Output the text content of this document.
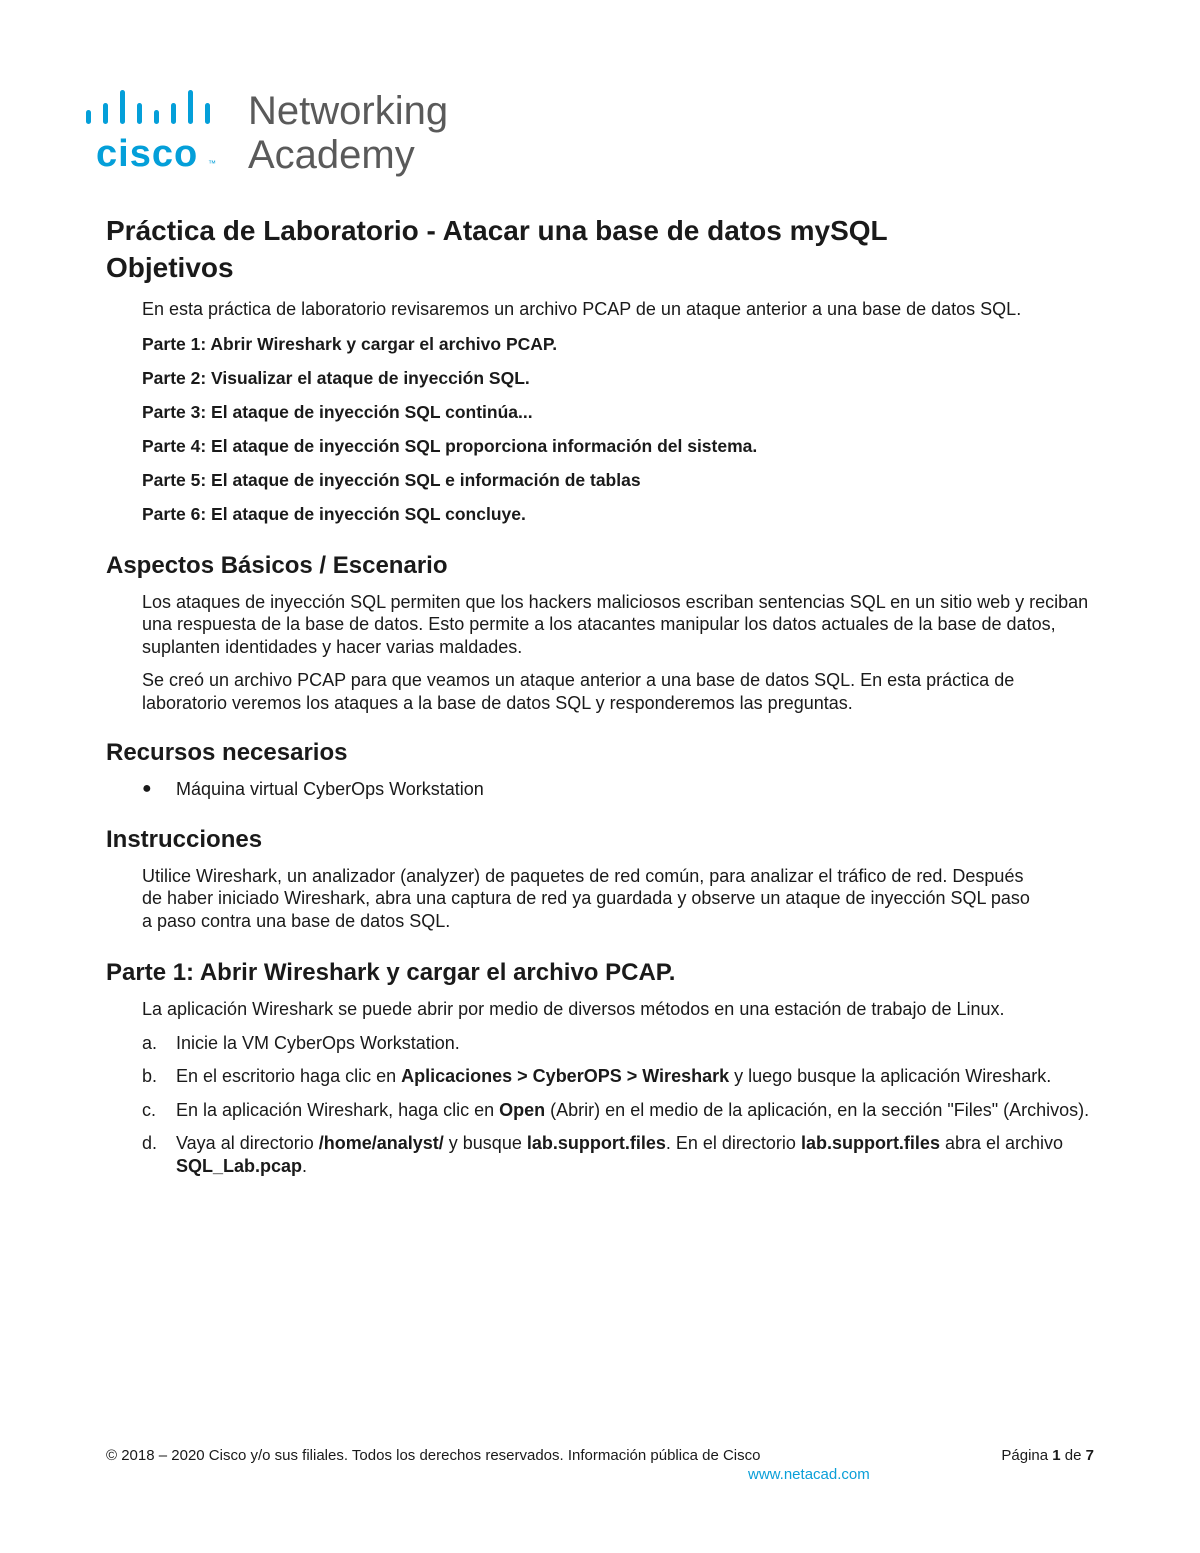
cisco ™
Networking
Academy
Práctica de Laboratorio - Atacar una base de datos mySQL
Objetivos

En esta práctica de laboratorio revisaremos un archivo PCAP de un ataque anterior a una base de datos SQL.

Parte 1: Abrir Wireshark y cargar el archivo PCAP.

Parte 2: Visualizar el ataque de inyección SQL.

Parte 3: El ataque de inyección SQL continúa...

Parte 4: El ataque de inyección SQL proporciona información del sistema.

Parte 5: El ataque de inyección SQL e información de tablas

Parte 6: El ataque de inyección SQL concluye.

Aspectos Básicos / Escenario

Los ataques de inyección SQL permiten que los hackers maliciosos escriban sentencias SQL en un sitio web y reciban una respuesta de la base de datos. Esto permite a los atacantes manipular los datos actuales de la base de datos, suplanten identidades y hacer varias maldades.

Se creó un archivo PCAP para que veamos un ataque anterior a una base de datos SQL. En esta práctica de laboratorio veremos los ataques a la base de datos SQL y responderemos las preguntas.

Recursos necesarios
●	Máquina virtual CyberOps Workstation
Instrucciones

Utilice Wireshark, un analizador (analyzer) de paquetes de red común, para analizar el tráfico de red. Después de haber iniciado Wireshark, abra una captura de red ya guardada y observe un ataque de inyección SQL paso a paso contra una base de datos SQL.

Parte 1: Abrir Wireshark y cargar el archivo PCAP.

La aplicación Wireshark se puede abrir por medio de diversos métodos en una estación de trabajo de Linux.

a.	Inicie la VM CyberOps Workstation.
b.	En el escritorio haga clic en Aplicaciones > CyberOPS > Wireshark y luego busque la aplicación Wireshark.
c.	En la aplicación Wireshark, haga clic en Open (Abrir) en el medio de la aplicación, en la sección "Files" (Archivos).
d.	Vaya al directorio /home/analyst/ y busque lab.support.files. En el directorio lab.support.files abra el archivo SQL_Lab.pcap.
© 2018 – 2020 Cisco y/o sus filiales. Todos los derechos reservados. Información pública de Cisco	Página 1 de 7
www.netacad.com
